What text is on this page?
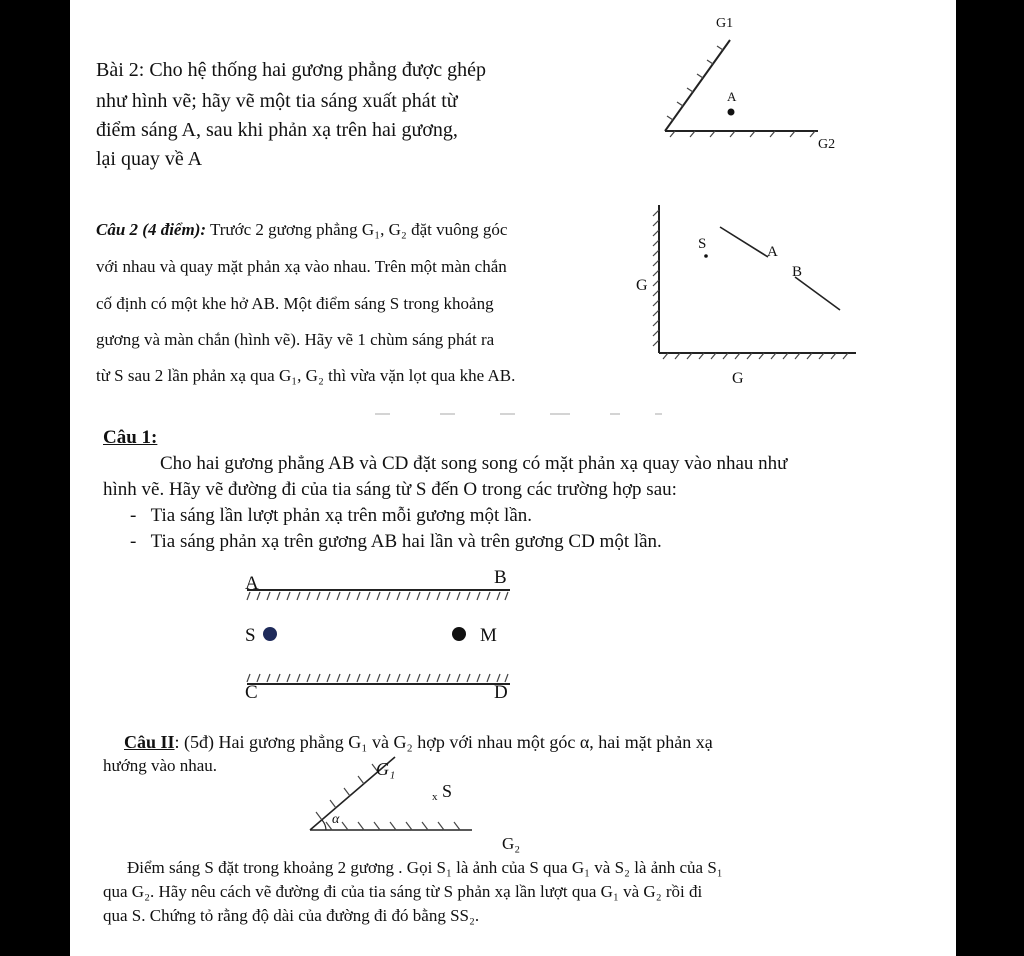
Bài 2: Cho hệ thống hai gương phẳng được ghép
như hình vẽ; hãy vẽ một tia sáng xuất phát từ
điểm sáng A, sau khi phản xạ trên hai gương,
lại quay về A
A
G1
G2
S	A
B
G
G
A	B
C	D
S	M
α
G₁
G₂
x S
Câu 2 (4 điểm): Trước 2 gương phẳng G₁, G₂ đặt vuông góc
với nhau và quay mặt phản xạ vào nhau. Trên một màn chắn
cố định có một khe hở AB. Một điểm sáng S trong khoảng
gương và màn chắn (hình vẽ). Hãy vẽ 1 chùm sáng phát ra
từ S sau 2 lần phản xạ qua G₁, G₂ thì vừa vặn lọt qua khe AB.
Câu 1:
Cho hai gương phẳng AB và CD đặt song song có mặt phản xạ quay vào nhau như
hình vẽ. Hãy vẽ đường đi của tia sáng từ S đến O trong các trường hợp sau:
-   Tia sáng lần lượt phản xạ trên mỗi gương một lần.
-   Tia sáng phản xạ trên gương AB hai lần và trên gương CD một lần.
Câu II: (5đ) Hai gương phẳng G₁ và G₂ hợp với nhau một góc α, hai mặt phản xạ
hướng vào nhau.
Điểm sáng S đặt trong khoảng 2 gương . Gọi S₁ là ảnh của S qua G₁ và S₂ là ảnh của S₁
qua G₂. Hãy nêu cách vẽ đường đi của tia sáng từ S phản xạ lần lượt qua G₁ và G₂ rồi đi
qua S. Chứng tỏ rằng độ dài của đường đi đó bằng SS₂.
